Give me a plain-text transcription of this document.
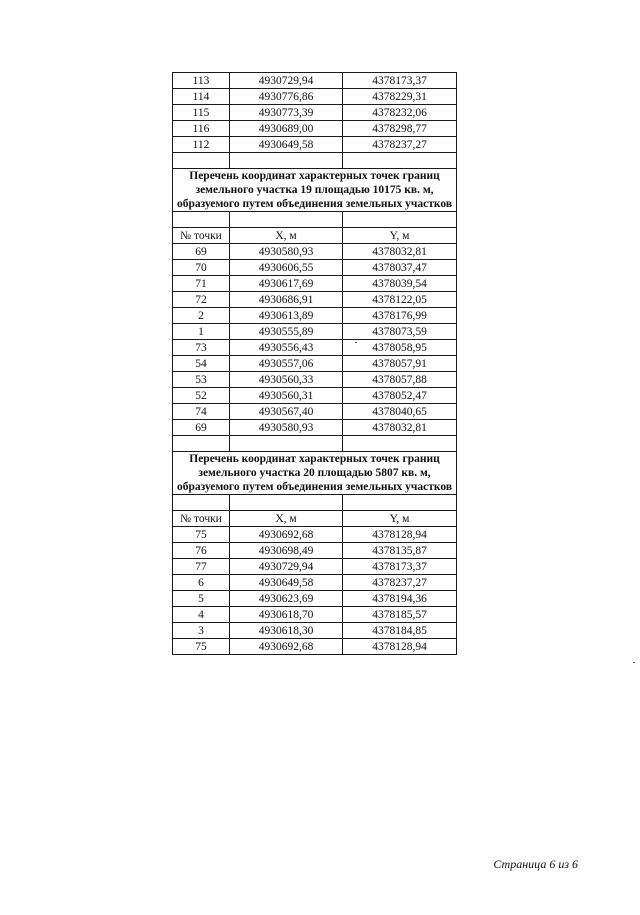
113	4930729,94	4378173,37
114	4930776,86	4378229,31
115	4930773,39	4378232,06
116	4930689,00	4378298,77
112	4930649,58	4378237,27

Перечень координат характерных точек границ земельного участка 19 площадью 10175 кв. м, образуемого путем объединения земельных участков		

№ точки	X, м	Y, м
69	4930580,93	4378032,81
70	4930606,55	4378037,47
71	4930617,69	4378039,54
72	4930686,91	4378122,05
2	4930613,89	4378176,99
1	4930555,89	4378073,59
73	4930556,43	4378058,95
54	4930557,06	4378057,91
53	4930560,33	4378057,88
52	4930560,31	4378052,47
74	4930567,40	4378040,65
69	4930580,93	4378032,81

Перечень координат характерных точек границ земельного участка 20 площадью 5807 кв. м, образуемого путем объединения земельных участков		

№ точки	X, м	Y, м
75	4930692,68	4378128,94
76	4930698,49	4378135,87
77	4930729,94	4378173,37
6	4930649,58	4378237,27
5	4930623,69	4378194,36
4	4930618,70	4378185,57
3	4930618,30	4378184,85
75	4930692,68	4378128,94
Страница 6 из 6
